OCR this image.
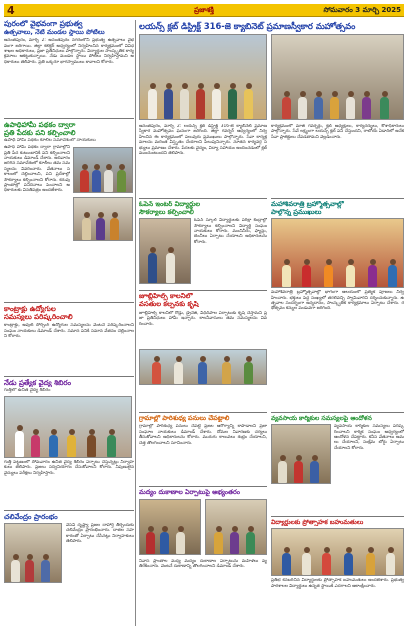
4	ప్రజాశక్తి	సోమవారం 3 మార్చి 2025
పురంలో వైభవంగా ప్రభుత్వ
ఉత్సవాలు, నేటి మండల స్థాయి పోటీలు
అనంతపురం, మార్చి 2: అనంతపురం నగరంలోని ప్రభుత్వ ఉత్సవాలు వైభవంగా జరిగాయి. జిల్లా కలెక్టర్ ఆధ్వర్యంలో నిర్వహించిన కార్యక్రమంలో వివిధ శాఖల అధికారులు, ప్రజా ప్రతినిధులు పాల్గొన్నారు. విద్యార్థుల సాంస్కృతిక కార్యక్రమాలు ఆకట్టుకున్నాయి. నేడు మండల స్థాయి పోటీలు నిర్వహిస్తామని అధికారులు తెలిపారు. ప్రతి ఒక్కరూ భాగస్వాములు కావాలని కోరారు.
ఉపాధిహామీ పథకం ద్వారా
ప్రతి పేదకు పని కల్పించాలి
ఉపాధి హామీ పథకం కూలీల సమావేశంలో నాయకులు
ఉపాధి హామీ పథకం ద్వారా గ్రామాల్లోని ప్రతి పేద కుటుంబానికి పని కల్పించాలని నాయకులు డిమాండ్ చేశారు. ఆదివారం జరిగిన సమావేశంలో కూలీలు తమ సమస్యలను వివరించారు. వేతనాలు సకాలంలో చెల్లించాలని, పని ప్రదేశాల్లో సౌకర్యాలు కల్పించాలని కోరారు. కరువు ప్రాంతాల్లో పనిదినాలు పెంచాలని అధికారులకు వినతిపత్రం అందజేశారు.
కాంట్రాక్టు ఉద్యోగుల
సమస్యలు పరిష్కరించాలి
కాంట్రాక్టు, అవుట్ సోర్సింగ్ ఉద్యోగుల సమస్యలను వెంటనే పరిష్కరించాలని సంఘం నాయకులు డిమాండ్ చేశారు. సమాన పనికి సమాన వేతనం చెల్లించాలని కోరారు.
నేడు ప్రత్యేక వైద్య శిబిరం
గుత్తిలో ఉచిత వైద్య శిబిరం
గుత్తి పట్టణంలో సోమవారం ఉచిత వైద్య శిబిరం ఏర్పాటు చేస్తున్నట్లు నిర్వాహకులు తెలిపారు. ప్రజలు సద్వినియోగం చేసుకోవాలని కోరారు. నిపుణులైన వైద్యులు పరీక్షలు నిర్వహిస్తారు.
చలివేంద్రం ప్రారంభం
వేసవి దృష్ట్యా ప్రజల దాహార్తి తీర్చేందుకు చలివేంద్రం ప్రారంభించారు. దాతల సహకారంతో ఏర్పాటు చేసినట్లు నిర్వాహకులు తెలిపారు.
లయన్స్ క్లబ్ డిస్ట్రిక్ట్ 316-జె క్యాబినెట్ ప్రమాణస్వీకార మహోత్సవం
అనంతపురం, మార్చి 2: లయన్స్ క్లబ్ డిస్ట్రిక్ట్ 316-జె క్యాబినెట్ ప్రమాణ స్వీకార మహోత్సవం ఘనంగా జరిగింది. జిల్లా గవర్నర్ ఆధ్వర్యంలో నిర్వహించిన ఈ కార్యక్రమంలో పలువురు ప్రముఖులు పాల్గొన్నారు. సేవా కార్యక్రమాలను మరింత విస్తృతం చేయాలని పిలుపునిచ్చారు. నూతన కార్యవర్గ సభ్యులు ప్రమాణం చేశారు. పేదలకు వైద్యం, విద్యా సహాయం అందించడంలో క్లబ్ ముందుంటుందని తెలిపారు.
కార్యక్రమంలో మాజీ గవర్నర్లు, క్లబ్ అధ్యక్షులు, కార్యదర్శులు, కోశాధికారులు పాల్గొన్నారు. సేవే లక్ష్యంగా లయన్స్ క్లబ్ పని చేస్తుందని, రాబోయే ఏడాదిలో అనేక సేవా ప్రాజెక్టులు చేపడతామని వెల్లడించారు.
ఓపెన్ ఇంటర్ విద్యార్థుల
సౌకర్యాలు కల్పించాలి
ఓపెన్ స్కూల్ విద్యార్థులకు పరీక్షా కేంద్రాల్లో సౌకర్యాలు కల్పించాలని విద్యార్థి సంఘం నాయకులు కోరారు. మంచినీరు, ఫ్యాన్లు, బెంచీలు ఏర్పాటు చేయాలని అధికారులను కోరారు.
జూబ్లీహిల్స్ కాలనీలో
వసతుల కల్పనకు కృషి
జూబ్లీహిల్స్ కాలనీలో రోడ్లు, డ్రైనేజీ, వీధిదీపాల ఏర్పాటుకు కృషి చేస్తామని ప్రజా ప్రతినిధులు హామీ ఇచ్చారు. కాలనీవాసులు తమ సమస్యలను వివరించారు.
మహాశివరాత్రి బ్రహ్మోత్సవాల్లో
పాల్గొన్న ప్రముఖులు
మహాశివరాత్రి బ్రహ్మోత్సవాల్లో భాగంగా ఆలయంలో ప్రత్యేక పూజలు నిర్వహించారు. భక్తులు పెద్ద సంఖ్యలో తరలివచ్చి స్వామివారిని దర్శించుకున్నారు. ఉత్సవాల సందర్భంగా అన్నదానం, సాంస్కృతిక కార్యక్రమాలు ఏర్పాటు చేశారు. రథోత్సవం కన్నుల పండువగా జరిగింది.
గ్రామాల్లో పారిశుధ్య పనులు చేపట్టాలి
గ్రామాల్లో పారిశుధ్య పనులు చేపట్టి ప్రజల ఆరోగ్యాన్ని కాపాడాలని ప్రజా సంఘాల నాయకులు డిమాండ్ చేశారు. దోమల నివారణకు చర్యలు తీసుకోవాలని అధికారులను కోరారు. మురుగు కాలువలు శుభ్రం చేయాలని, చెత్త తొలగించాలని సూచించారు.
మద్యం దుకాణాల ఏర్పాటుపై అభ్యంతరం
నివాస ప్రాంతాల మధ్య మద్యం దుకాణాల ఏర్పాటును మహిళలు వ్యతిరేకించారు. వెంటనే దుకాణాన్ని తొలగించాలని డిమాండ్ చేశారు.
వ్యవసాయ కార్మికుల సమస్యలపై ఆందోళన
వ్యవసాయ కార్మికుల సమస్యలు పరిష్కరించాలని కార్మిక సంఘం ఆధ్వర్యంలో ఆందోళన చేపట్టారు. కనీస వేతనాలు అమలు చేయాలని, సంక్షేమ బోర్డు ఏర్పాటు చేయాలని కోరారు.
విద్యార్థులకు ప్రోత్సాహక బహుమతులు
ప్రతిభ కనబరిచిన విద్యార్థులకు ప్రోత్సాహక బహుమతులు అందజేశారు. ప్రభుత్వ పాఠశాలల విద్యార్థులు ఉన్నత స్థాయికి ఎదగాలని ఆకాంక్షించారు.
